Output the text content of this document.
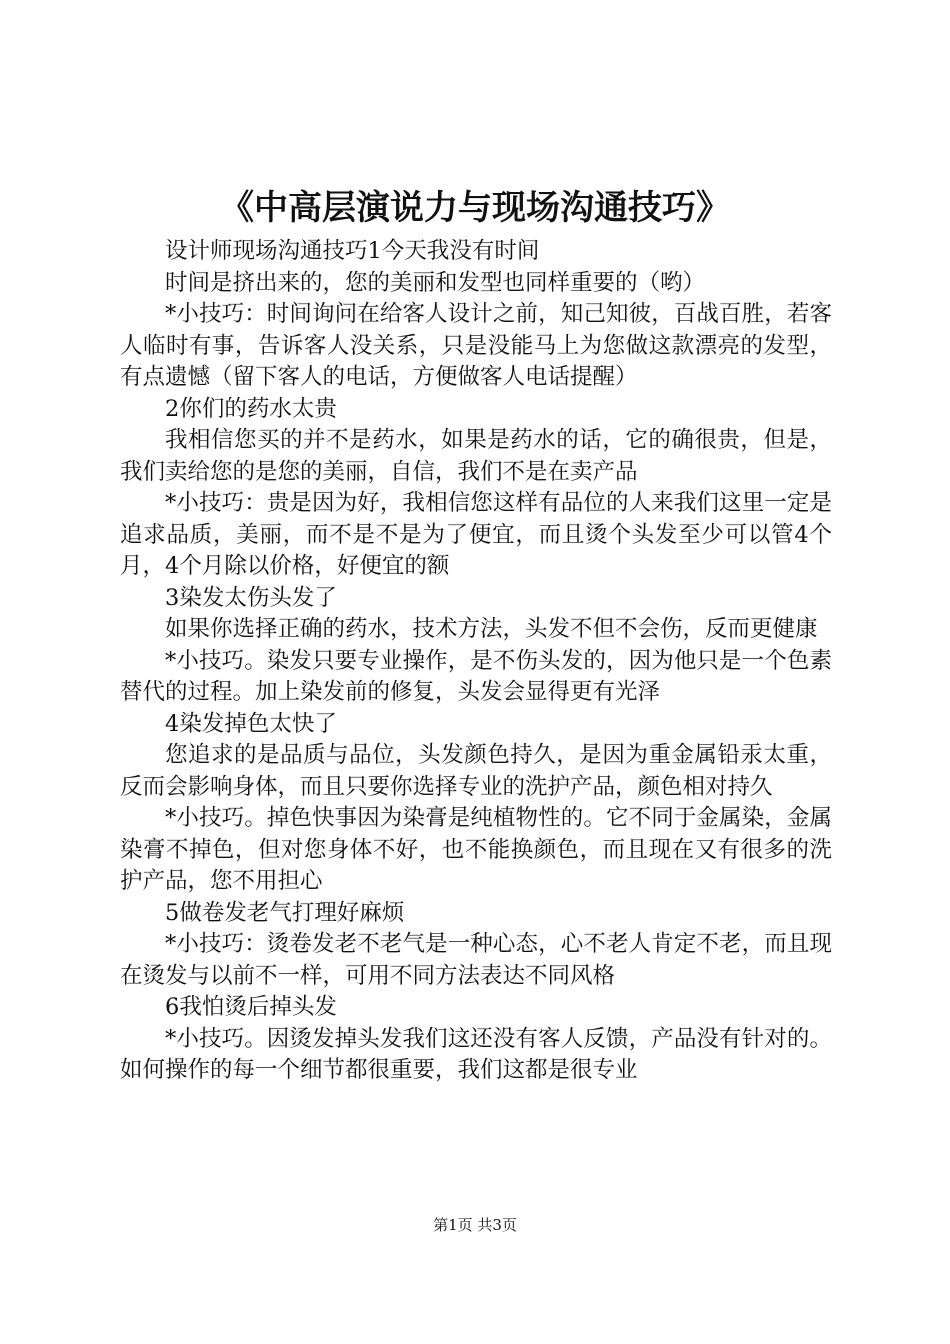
《中高层演说力与现场沟通技巧》

设计师现场沟通技巧1今天我没有时间

时间是挤出来的，您的美丽和发型也同样重要的（哟）

*小技巧：时间询问在给客人设计之前，知己知彼，百战百胜，若客人临时有事，告诉客人没关系，只是没能马上为您做这款漂亮的发型，有点遗憾（留下客人的电话，方便做客人电话提醒）

2你们的药水太贵

我相信您买的并不是药水，如果是药水的话，它的确很贵，但是，我们卖给您的是您的美丽，自信，我们不是在卖产品

*小技巧：贵是因为好，我相信您这样有品位的人来我们这里一定是追求品质，美丽，而不是不是为了便宜，而且烫个头发至少可以管4个月，4个月除以价格，好便宜的额

3染发太伤头发了

如果你选择正确的药水，技术方法，头发不但不会伤，反而更健康

*小技巧。染发只要专业操作，是不伤头发的，因为他只是一个色素替代的过程。加上染发前的修复，头发会显得更有光泽

4染发掉色太快了

您追求的是品质与品位，头发颜色持久，是因为重金属铅汞太重，反而会影响身体，而且只要你选择专业的洗护产品，颜色相对持久

*小技巧。掉色快事因为染膏是纯植物性的。它不同于金属染，金属染膏不掉色，但对您身体不好，也不能换颜色，而且现在又有很多的洗护产品，您不用担心

5做卷发老气打理好麻烦

*小技巧：烫卷发老不老气是一种心态，心不老人肯定不老，而且现在烫发与以前不一样，可用不同方法表达不同风格

6我怕烫后掉头发

*小技巧。因烫发掉头发我们这还没有客人反馈，产品没有针对的。如何操作的每一个细节都很重要，我们这都是很专业

第1页 共3页
